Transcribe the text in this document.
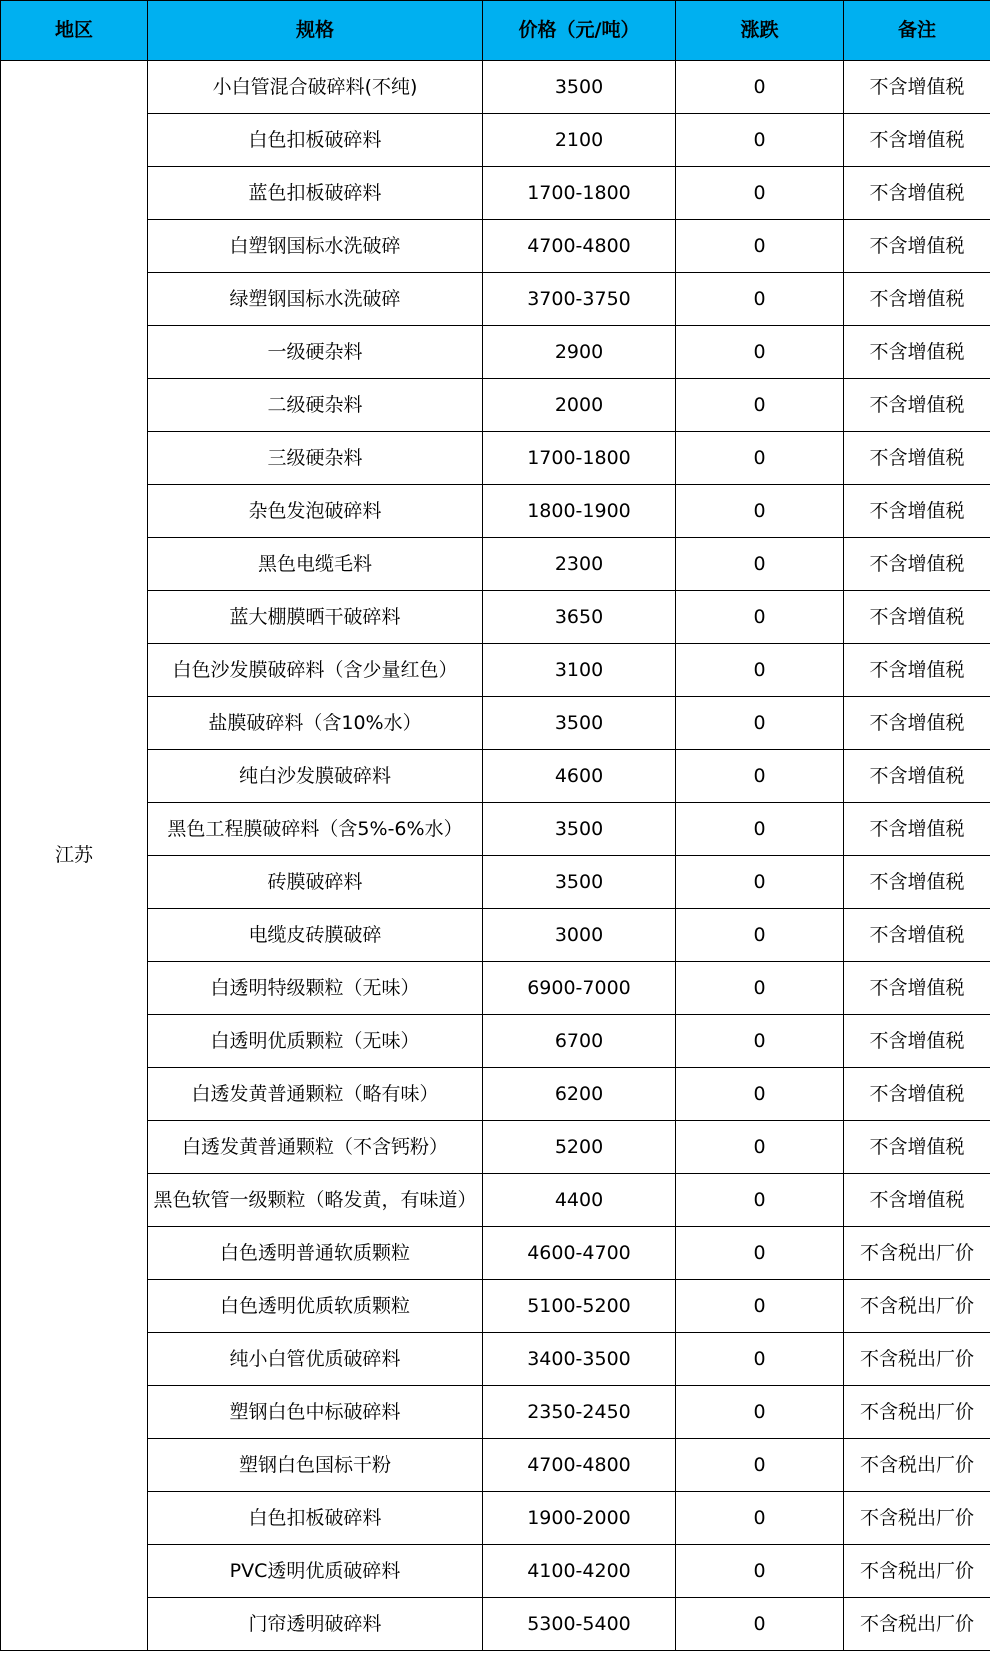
地区	规格	价格（元/吨）	涨跌	备注
江苏	小白管混合破碎料(不纯)	3500	0	不含增值税
	白色扣板破碎料	2100	0	不含增值税
	蓝色扣板破碎料	1700-1800	0	不含增值税
	白塑钢国标水洗破碎	4700-4800	0	不含增值税
	绿塑钢国标水洗破碎	3700-3750	0	不含增值税
	一级硬杂料	2900	0	不含增值税
	二级硬杂料	2000	0	不含增值税
	三级硬杂料	1700-1800	0	不含增值税
	杂色发泡破碎料	1800-1900	0	不含增值税
	黑色电缆毛料	2300	0	不含增值税
	蓝大棚膜晒干破碎料	3650	0	不含增值税
	白色沙发膜破碎料（含少量红色）	3100	0	不含增值税
	盐膜破碎料（含10%水）	3500	0	不含增值税
	纯白沙发膜破碎料	4600	0	不含增值税
	黑色工程膜破碎料（含5%-6%水）	3500	0	不含增值税
	砖膜破碎料	3500	0	不含增值税
	电缆皮砖膜破碎	3000	0	不含增值税
	白透明特级颗粒（无味）	6900-7000	0	不含增值税
	白透明优质颗粒（无味）	6700	0	不含增值税
	白透发黄普通颗粒（略有味）	6200	0	不含增值税
	白透发黄普通颗粒（不含钙粉）	5200	0	不含增值税
	黑色软管一级颗粒（略发黄，有味道）	4400	0	不含增值税
	白色透明普通软质颗粒	4600-4700	0	不含税出厂价
	白色透明优质软质颗粒	5100-5200	0	不含税出厂价
	纯小白管优质破碎料	3400-3500	0	不含税出厂价
	塑钢白色中标破碎料	2350-2450	0	不含税出厂价
	塑钢白色国标干粉	4700-4800	0	不含税出厂价
	白色扣板破碎料	1900-2000	0	不含税出厂价
	PVC透明优质破碎料	4100-4200	0	不含税出厂价
	门帘透明破碎料	5300-5400	0	不含税出厂价
